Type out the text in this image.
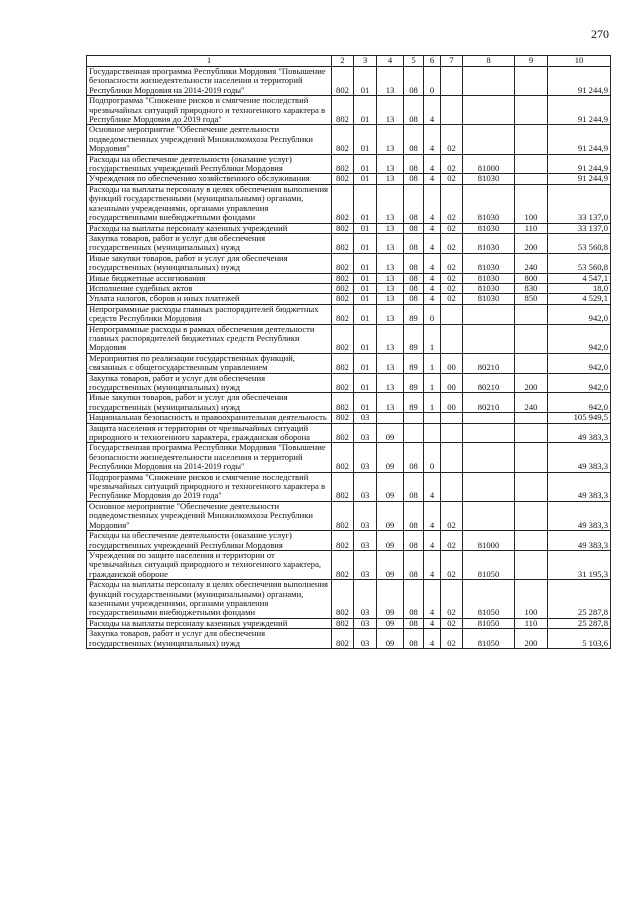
270
1	2	3	4	5	6	7	8	9	10
Государственная программа Республики Мордовия "Повышение безопасности жизнедеятельности населения и территорий Республики Мордовия на 2014-2019 годы"	802	01	13	08	0				91 244,9
Подпрограмма "Снижение рисков и смягчение последствий чрезвычайных ситуаций природного и техногенного характера в Республике Мордовия до 2019 года"	802	01	13	08	4				91 244,9
Основное мероприятие "Обеспечение деятельности подведомственных учреждений Минжилкомхоза Республики Мордовия"	802	01	13	08	4	02			91 244,9
Расходы на обеспечение деятельности (оказание услуг) государственных учреждений Республики Мордовия	802	01	13	08	4	02	81000		91 244,9
Учреждения по обеспечению хозяйственного обслуживания	802	01	13	08	4	02	81030		91 244,9
Расходы на выплаты персоналу в целях обеспечения выполнения функций государственными (муниципальными) органами, казенными учреждениями, органами управления государственными внебюджетными фондами	802	01	13	08	4	02	81030	100	33 137,0
Расходы на выплаты персоналу казенных учреждений	802	01	13	08	4	02	81030	110	33 137,0
Закупка товаров, работ и услуг для обеспечения государственных (муниципальных) нужд	802	01	13	08	4	02	81030	200	53 560,8
Иные закупки товаров, работ и услуг для обеспечения государственных (муниципальных) нужд	802	01	13	08	4	02	81030	240	53 560,8
Иные бюджетные ассигнования	802	01	13	08	4	02	81030	800	4 547,1
Исполнение судебных актов	802	01	13	08	4	02	81030	830	18,0
Уплата налогов, сборов и иных платежей	802	01	13	08	4	02	81030	850	4 529,1
Непрограммные расходы главных распорядителей бюджетных средств Республики Мордовия	802	01	13	89	0				942,0
Непрограммные расходы в рамках обеспечения деятельности главных распорядителей бюджетных средств Республики Мордовия	802	01	13	89	1				942,0
Мероприятия по реализации государственных функций, связанных с общегосударственным управлением	802	01	13	89	1	00	80210		942,0
Закупка товаров, работ и услуг для обеспечения государственных (муниципальных) нужд	802	01	13	89	1	00	80210	200	942,0
Иные закупки товаров, работ и услуг для обеспечения государственных (муниципальных) нужд	802	01	13	89	1	00	80210	240	942,0
Национальная безопасность и правоохранительная деятельность	802	03							105 949,5
Защита населения и территории от чрезвычайных ситуаций природного и техногенного характера, гражданская оборона	802	03	09						49 383,3
Государственная программа Республики Мордовия "Повышение безопасности жизнедеятельности населения и территорий Республики Мордовия на 2014-2019 годы"	802	03	09	08	0				49 383,3
Подпрограмма "Снижение рисков и смягчение последствий чрезвычайных ситуаций природного и техногенного характера в Республике Мордовия до 2019 года"	802	03	09	08	4				49 383,3
Основное мероприятие "Обеспечение деятельности подведомственных учреждений Минжилкомхоза Республики Мордовия"	802	03	09	08	4	02			49 383,3
Расходы на обеспечение деятельности (оказание услуг) государственных учреждений Республики Мордовия	802	03	09	08	4	02	81000		49 383,3
Учреждения по защите населения и территории от чрезвычайных ситуаций природного и техногенного характера, гражданской обороне	802	03	09	08	4	02	81050		31 195,3
Расходы на выплаты персоналу в целях обеспечения выполнения функций государственными (муниципальными) органами, казенными учреждениями, органами управления государственными внебюджетными фондами	802	03	09	08	4	02	81050	100	25 287,8
Расходы на выплаты персоналу казенных учреждений	802	03	09	08	4	02	81050	110	25 287,8
Закупка товаров, работ и услуг для обеспечения государственных (муниципальных) нужд	802	03	09	08	4	02	81050	200	5 103,6
